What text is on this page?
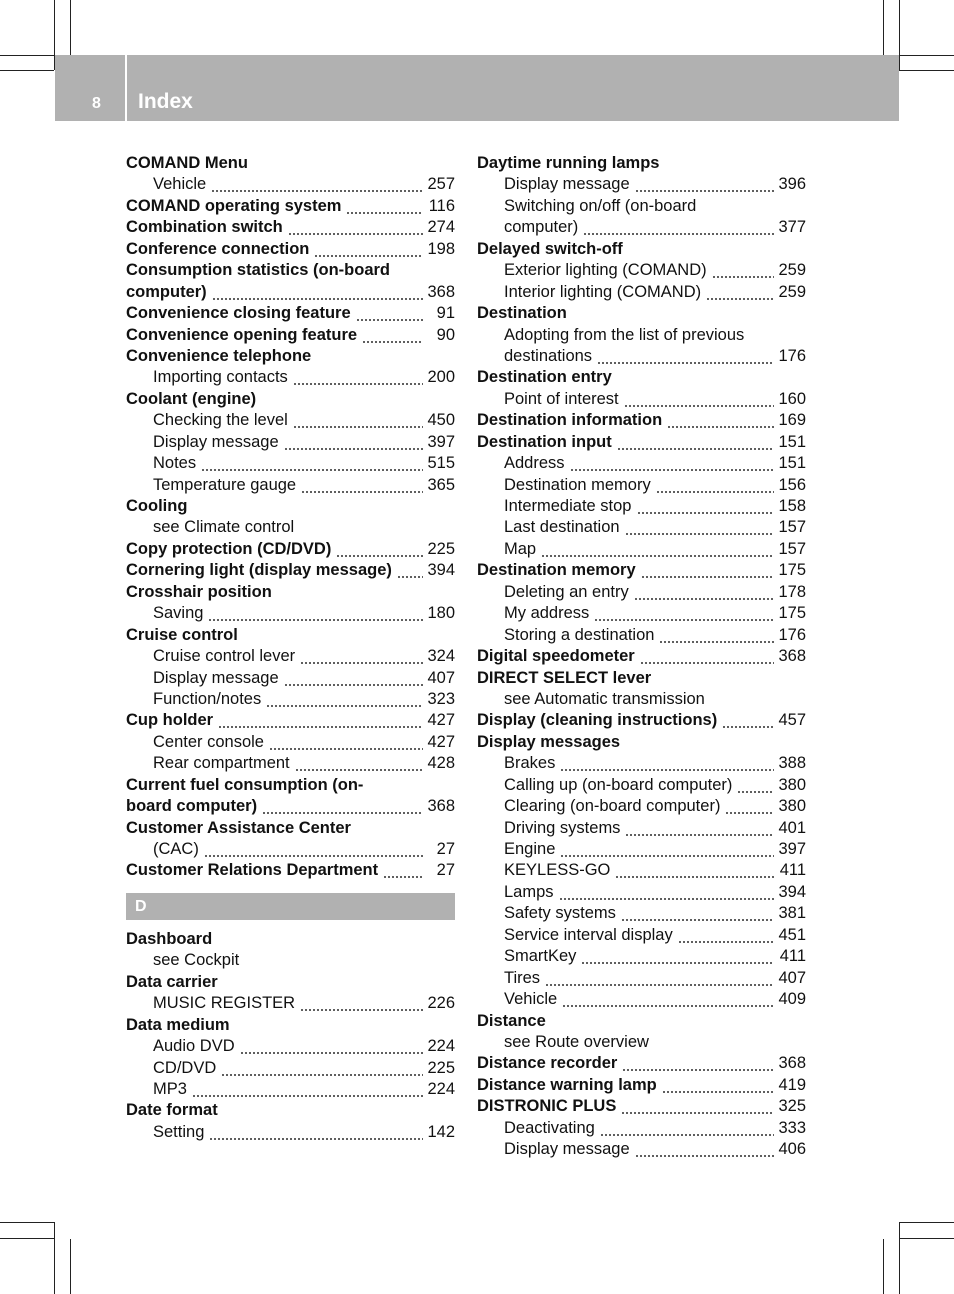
8 Index
COMAND Menu
Vehicle	257
COMAND operating system	116
Combination switch	274
Conference connection	198
Consumption statistics (on-board
computer)	368
Convenience closing feature	91
Convenience opening feature	90
Convenience telephone
Importing contacts	200
Coolant (engine)
Checking the level	450
Display message	397
Notes	515
Temperature gauge	365
Cooling
see Climate control
Copy protection (CD/DVD)	225
Cornering light (display message) 394
Crosshair position
Saving	180
Cruise control
Cruise control lever	324
Display message	407
Function/notes	323
Cup holder	427
Center console	427
Rear compartment	428
Current fuel consumption (on-
board computer)	368
Customer Assistance Center
(CAC)	27
Customer Relations Department	27
D
Dashboard
see Cockpit
Data carrier
MUSIC REGISTER	226
Data medium
Audio DVD	224
CD/DVD	225
MP3	224
Date format
Setting	142
Daytime running lamps
Display message	396
Switching on/off (on-board
computer)	377
Delayed switch-off
Exterior lighting (COMAND)	259
Interior lighting (COMAND)	259
Destination
Adopting from the list of previous
destinations	176
Destination entry
Point of interest	160
Destination information	169
Destination input	151
Address	151
Destination memory	156
Intermediate stop	158
Last destination	157
Map	157
Destination memory	175
Deleting an entry	178
My address	175
Storing a destination	176
Digital speedometer	368
DIRECT SELECT lever
see Automatic transmission
Display (cleaning instructions)	457
Display messages
Brakes	388
Calling up (on-board computer)	380
Clearing (on-board computer)	380
Driving systems	401
Engine	397
KEYLESS-GO	411
Lamps	394
Safety systems	381
Service interval display	451
SmartKey	411
Tires	407
Vehicle	409
Distance
see Route overview
Distance recorder	368
Distance warning lamp	419
DISTRONIC PLUS	325
Deactivating	333
Display message	406
